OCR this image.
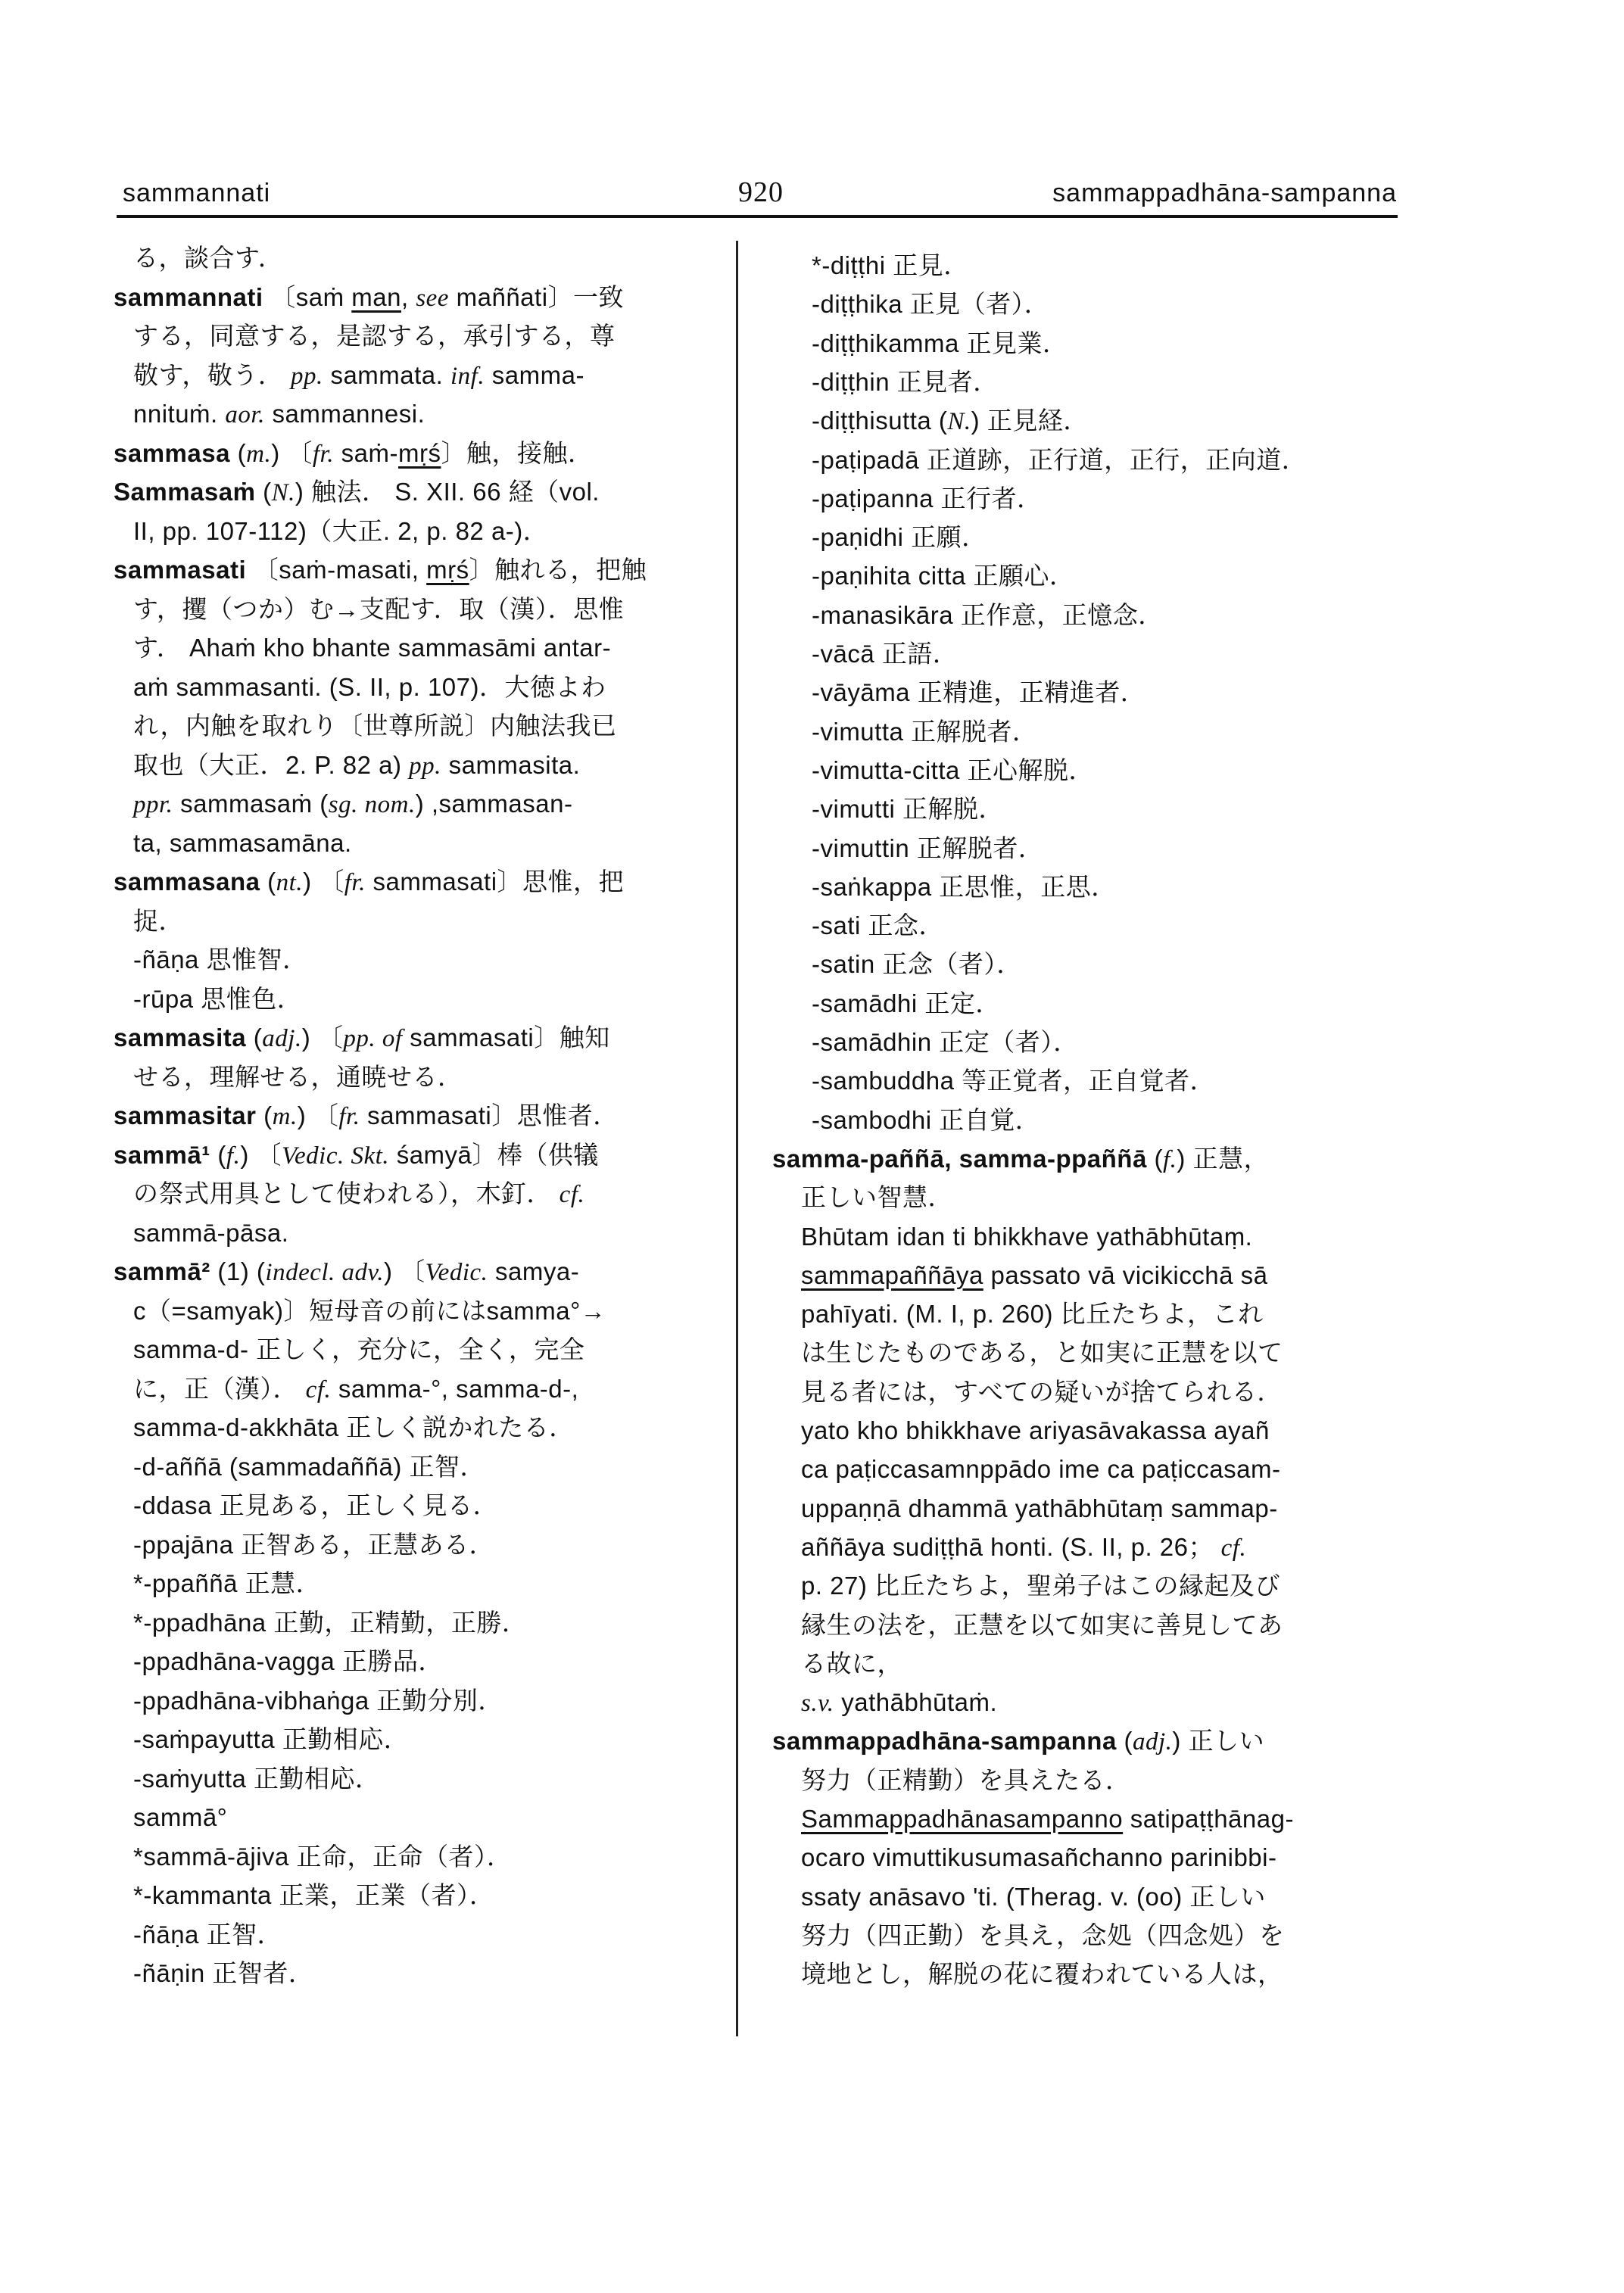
sammannati	920	sammappadhāna-sampanna
る，談合す．
sammannati 〔saṁ man, see maññati〕一致
する，同意する，是認する，承引する，尊
敬す，敬う． pp. sammata. inf. samma-
nnituṁ. aor. sammannesi.
sammasa (m.) 〔fr. saṁ-mṛś〕触，接触．
Sammasaṁ (N.) 触法． S. XII. 66 経（vol.
II, pp. 107-112)（大正. 2, p. 82 a-)．
sammasati 〔saṁ-masati, mṛś〕触れる，把触
す，攫（つか）む→支配す．取（漢）．思惟
す． Ahaṁ kho bhante sammasāmi antar-
aṁ sammasanti. (S. II, p. 107)．大徳よわ
れ，内触を取れり〔世尊所説〕内触法我已
取也（大正．2. P. 82 a) pp. sammasita.
ppr. sammasaṁ (sg. nom.) ,sammasan-
ta, sammasamāna.
sammasana (nt.) 〔fr. sammasati〕思惟，把
捉．
-ñāṇa 思惟智．
-rūpa 思惟色．
sammasita (adj.) 〔pp. of sammasati〕触知
せる，理解せる，通暁せる．
sammasitar (m.) 〔fr. sammasati〕思惟者．
sammā¹ (f.) 〔Vedic. Skt. śamyā〕棒（供犠
の祭式用具として使われる），木釘． cf.
sammā-pāsa.
sammā² (1) (indecl. adv.) 〔Vedic. samya-
c（=samyak)〕短母音の前にはsamma°→
samma-d- 正しく，充分に，全く，完全
に，正（漢）． cf. samma-°, samma-d-,
samma-d-akkhāta 正しく説かれたる．
-d-aññā (sammadaññā) 正智．
-ddasa 正見ある，正しく見る．
-ppajāna 正智ある，正慧ある．
*-ppaññā 正慧．
*-ppadhāna 正勤，正精勤，正勝．
-ppadhāna-vagga 正勝品．
-ppadhāna-vibhaṅga 正勤分別．
-saṁpayutta 正勤相応．
-saṁyutta 正勤相応．
sammā°
*sammā-ājiva 正命，正命（者）．
*-kammanta 正業，正業（者）．
-ñāṇa 正智．
-ñāṇin 正智者．
*-diṭṭhi 正見．
-diṭṭhika 正見（者）．
-diṭṭhikamma 正見業．
-diṭṭhin 正見者．
-diṭṭhisutta (N.) 正見経．
-paṭipadā 正道跡，正行道，正行，正向道．
-paṭipanna 正行者．
-paṇidhi 正願．
-paṇihita citta 正願心．
-manasikāra 正作意，正憶念．
-vācā 正語．
-vāyāma 正精進，正精進者．
-vimutta 正解脱者．
-vimutta-citta 正心解脱．
-vimutti 正解脱．
-vimuttin 正解脱者．
-saṅkappa 正思惟，正思．
-sati 正念．
-satin 正念（者）．
-samādhi 正定．
-samādhin 正定（者）．
-sambuddha 等正覚者，正自覚者．
-sambodhi 正自覚．
samma-paññā, samma-ppaññā (f.) 正慧，
正しい智慧．
Bhūtam idan ti bhikkhave yathābhūtaṃ.
sammapaññāya passato vā vicikicchā sā
pahīyati. (M. I, p. 260) 比丘たちよ，これ
は生じたものである，と如実に正慧を以て
見る者には，すべての疑いが捨てられる．
yato kho bhikkhave ariyasāvakassa ayañ
ca paṭiccasamnppādo ime ca paṭiccasam-
uppaṇṇā dhammā yathābhūtaṃ sammap-
aññāya sudiṭṭhā honti. (S. II, p. 26； cf.
p. 27) 比丘たちよ，聖弟子はこの縁起及び
縁生の法を，正慧を以て如実に善見してあ
る故に，
s.v. yathābhūtaṁ.
sammappadhāna-sampanna (adj.) 正しい
努力（正精勤）を具えたる．
Sammappadhānasampanno satipaṭṭhānag-
ocaro vimuttikusumasañchanno parinibbi-
ssaty anāsavo 'ti. (Therag. v. (oo) 正しい
努力（四正勤）を具え，念処（四念処）を
境地とし，解脱の花に覆われている人は，
